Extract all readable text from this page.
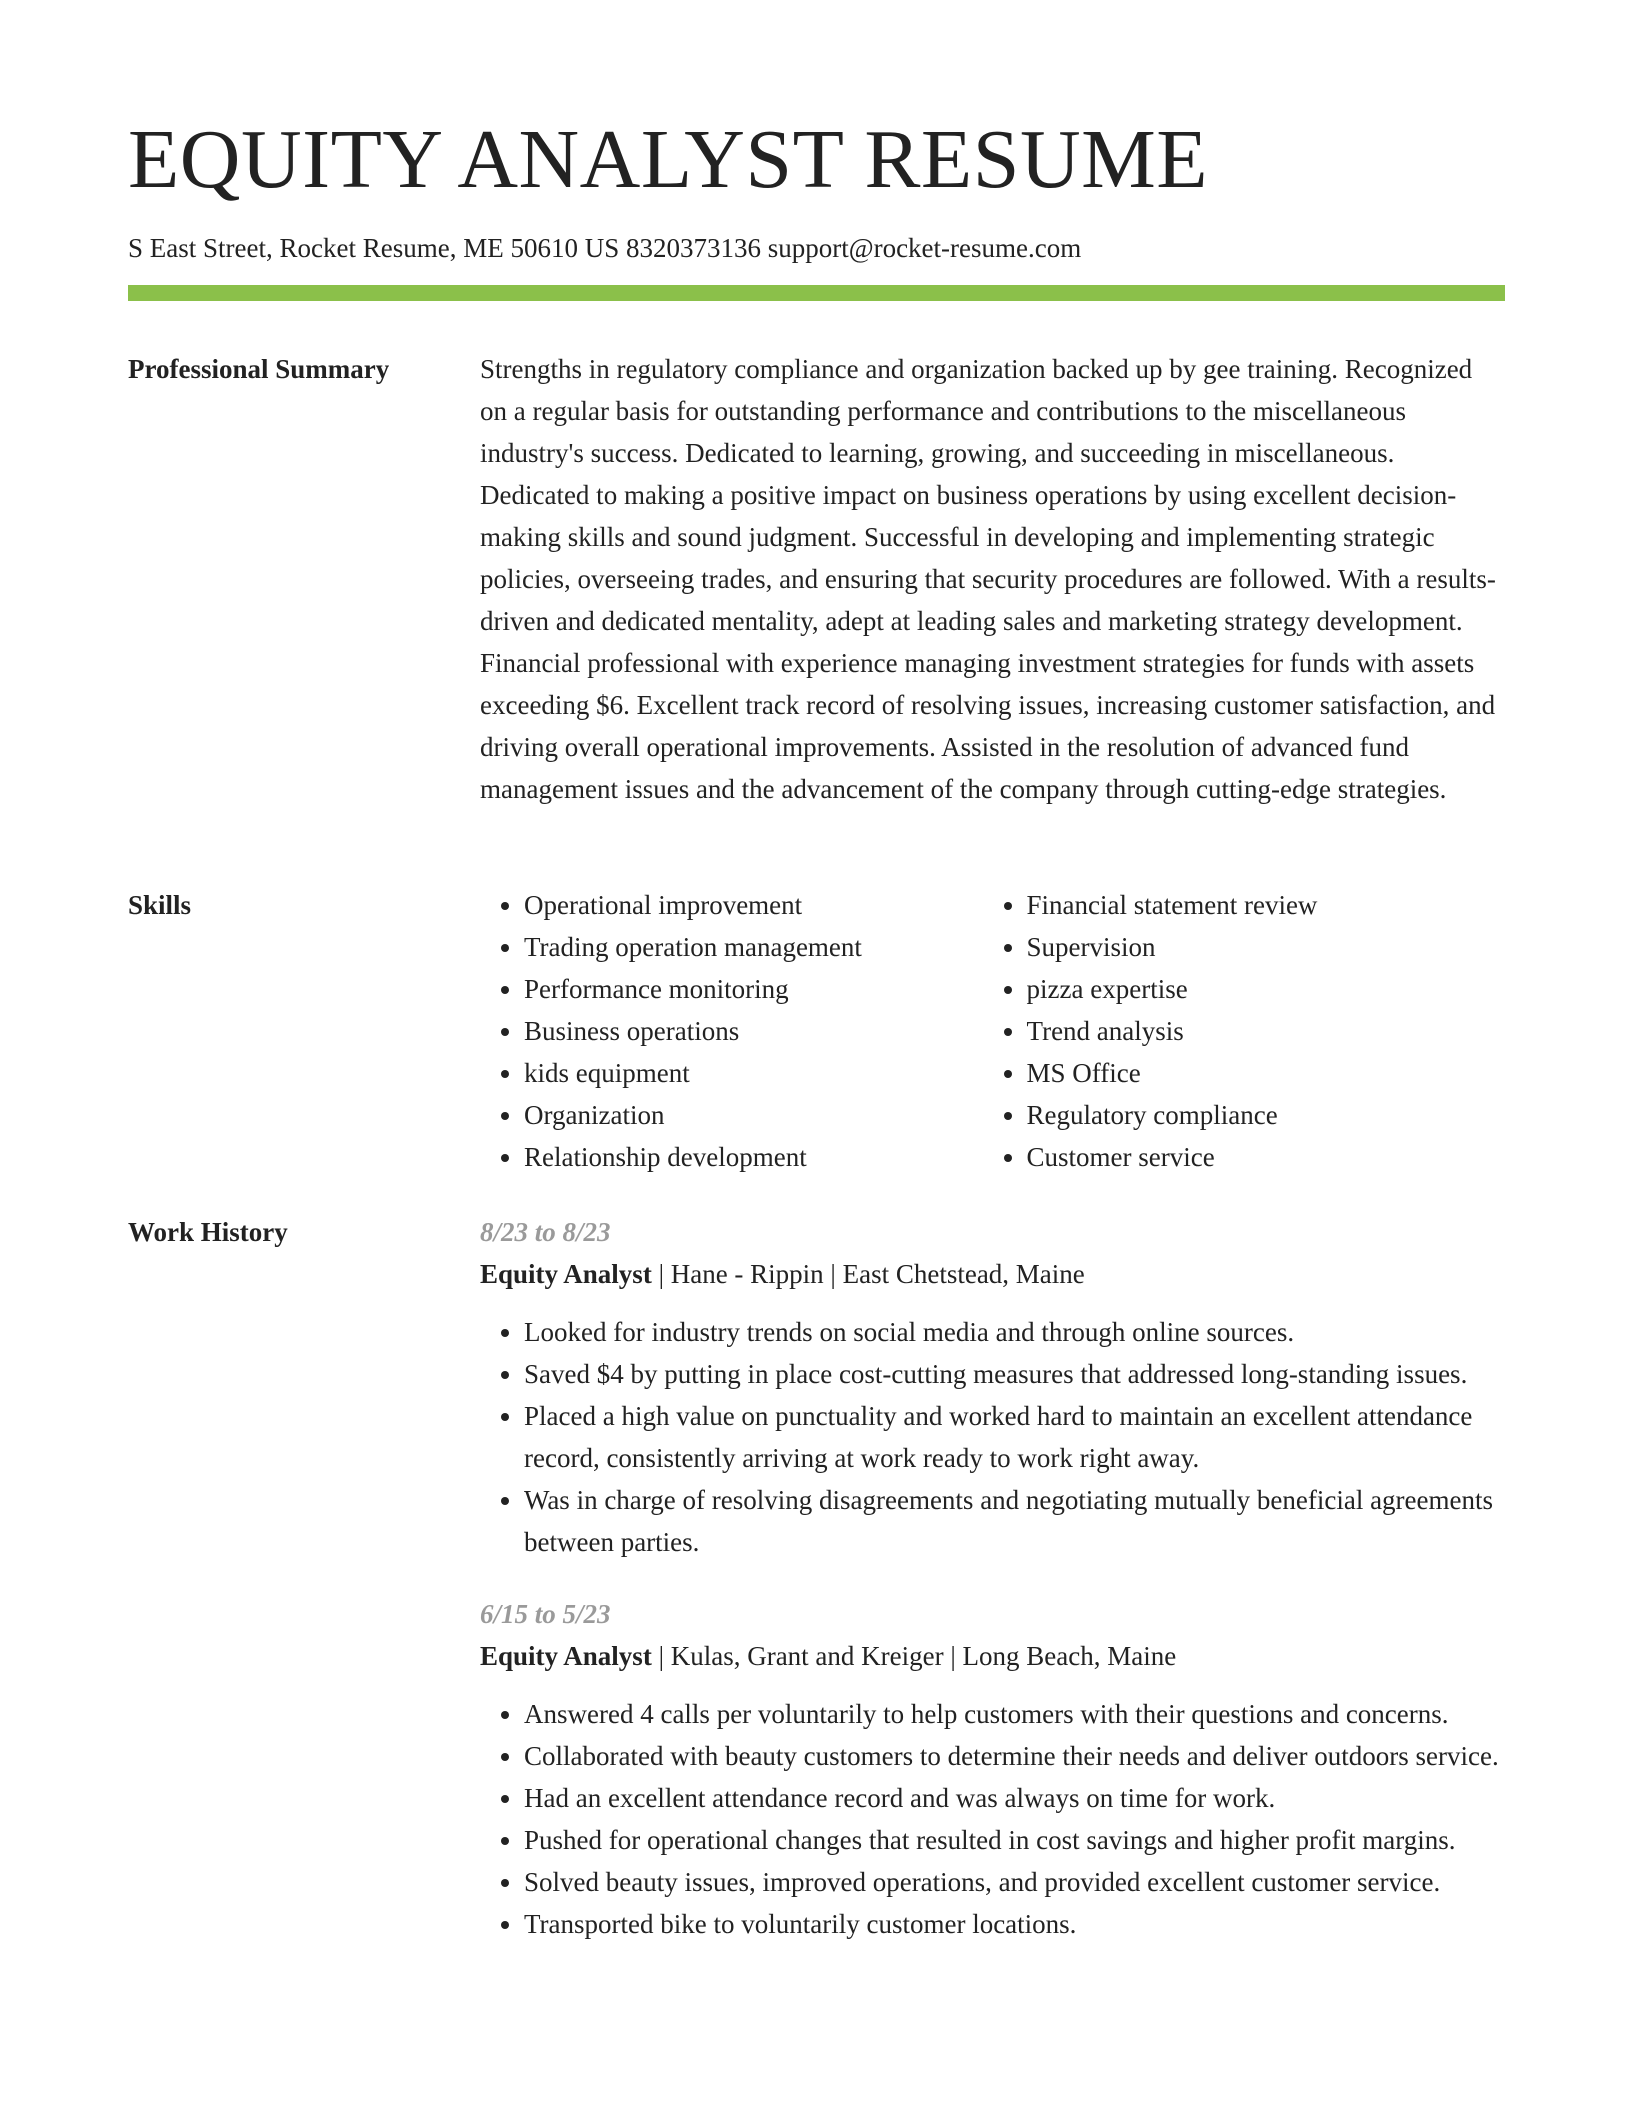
EQUITY ANALYST RESUME
S East Street, Rocket Resume, ME 50610 US 8320373136 support@rocket-resume.com
Professional Summary	Strengths in regulatory compliance and organization backed up by gee training. Recognized on a regular basis for outstanding performance and contributions to the miscellaneous industry's success. Dedicated to learning, growing, and succeeding in miscellaneous. Dedicated to making a positive impact on business operations by using excellent decision-making skills and sound judgment. Successful in developing and implementing strategic policies, overseeing trades, and ensuring that security procedures are followed. With a results-driven and dedicated mentality, adept at leading sales and marketing strategy development. Financial professional with experience managing investment strategies for funds with assets exceeding $6. Excellent track record of resolving issues, increasing customer satisfaction, and driving overall operational improvements. Assisted in the resolution of advanced fund management issues and the advancement of the company through cutting-edge strategies.

Skills
•	Operational improvement
• Trading operation management
• Performance monitoring
• Business operations
• kids equipment
• Organization
• Relationship development
• Financial statement review
• Supervision
• pizza expertise
• Trend analysis
• MS Office
• Regulatory compliance
• Customer service
Work History	8/23 to 8/23
Equity Analyst | Hane - Rippin | East Chetstead, Maine
• Looked for industry trends on social media and through online sources.
• Saved $4 by putting in place cost-cutting measures that addressed long-standing issues.
• Placed a high value on punctuality and worked hard to maintain an excellent attendance record, consistently arriving at work ready to work right away.
• Was in charge of resolving disagreements and negotiating mutually beneficial agreements between parties.
6/15 to 5/23
Equity Analyst | Kulas, Grant and Kreiger | Long Beach, Maine
• Answered 4 calls per voluntarily to help customers with their questions and concerns.
• Collaborated with beauty customers to determine their needs and deliver outdoors service.
• Had an excellent attendance record and was always on time for work.
• Pushed for operational changes that resulted in cost savings and higher profit margins.
• Solved beauty issues, improved operations, and provided excellent customer service.
• Transported bike to voluntarily customer locations.
